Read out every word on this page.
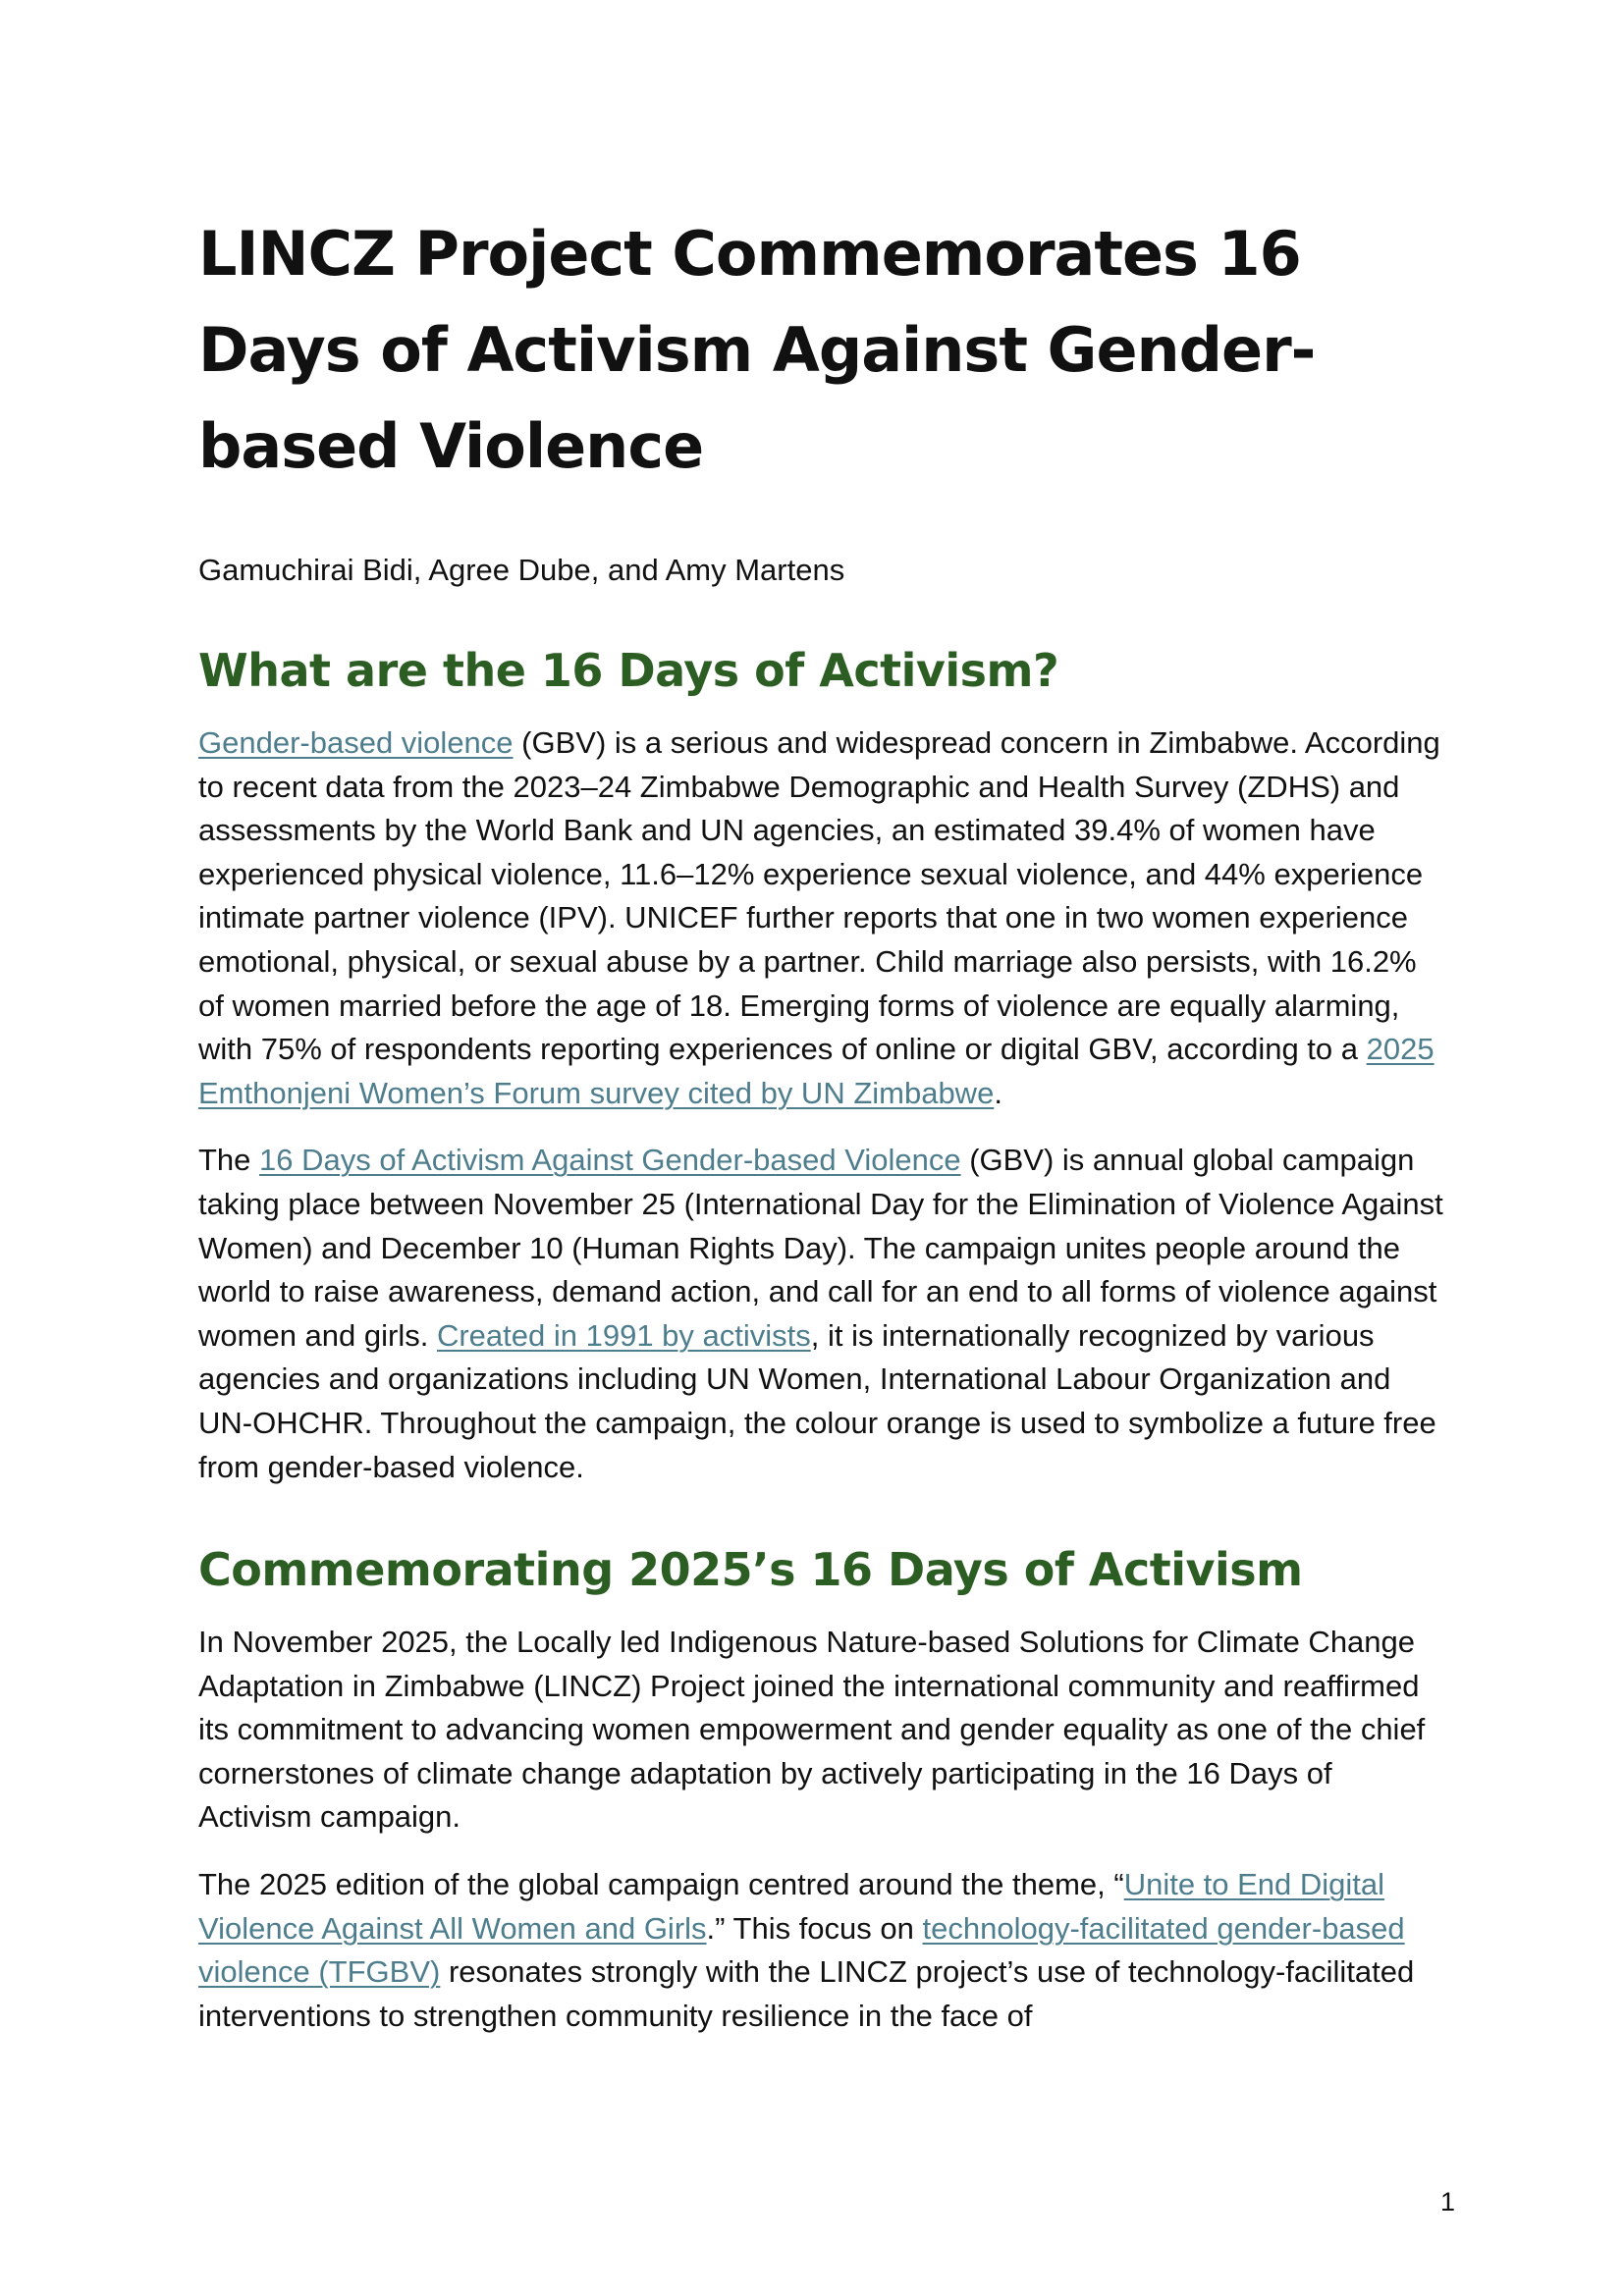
LINCZ Project Commemorates 16 Days of Activism Against Gender-based Violence

Gamuchirai Bidi, Agree Dube, and Amy Martens

What are the 16 Days of Activism?

Gender-based violence (GBV) is a serious and widespread concern in Zimbabwe. According to recent data from the 2023–24 Zimbabwe Demographic and Health Survey (ZDHS) and assessments by the World Bank and UN agencies, an estimated 39.4% of women have experienced physical violence, 11.6–12% experience sexual violence, and 44% experience intimate partner violence (IPV). UNICEF further reports that one in two women experience emotional, physical, or sexual abuse by a partner. Child marriage also persists, with 16.2% of women married before the age of 18. Emerging forms of violence are equally alarming, with 75% of respondents reporting experiences of online or digital GBV, according to a 2025 Emthonjeni Women’s Forum survey cited by UN Zimbabwe.

The 16 Days of Activism Against Gender-based Violence (GBV) is annual global campaign taking place between November 25 (International Day for the Elimination of Violence Against Women) and December 10 (Human Rights Day). The campaign unites people around the world to raise awareness, demand action, and call for an end to all forms of violence against women and girls. Created in 1991 by activists, it is internationally recognized by various agencies and organizations including UN Women, International Labour Organization and UN-OHCHR. Throughout the campaign, the colour orange is used to symbolize a future free from gender-based violence.

Commemorating 2025’s 16 Days of Activism

In November 2025, the Locally led Indigenous Nature-based Solutions for Climate Change Adaptation in Zimbabwe (LINCZ) Project joined the international community and reaffirmed its commitment to advancing women empowerment and gender equality as one of the chief cornerstones of climate change adaptation by actively participating in the 16 Days of Activism campaign.

The 2025 edition of the global campaign centred around the theme, “Unite to End Digital Violence Against All Women and Girls.” This focus on technology-facilitated gender-based violence (TFGBV) resonates strongly with the LINCZ project’s use of technology-facilitated interventions to strengthen community resilience in the face of

1
